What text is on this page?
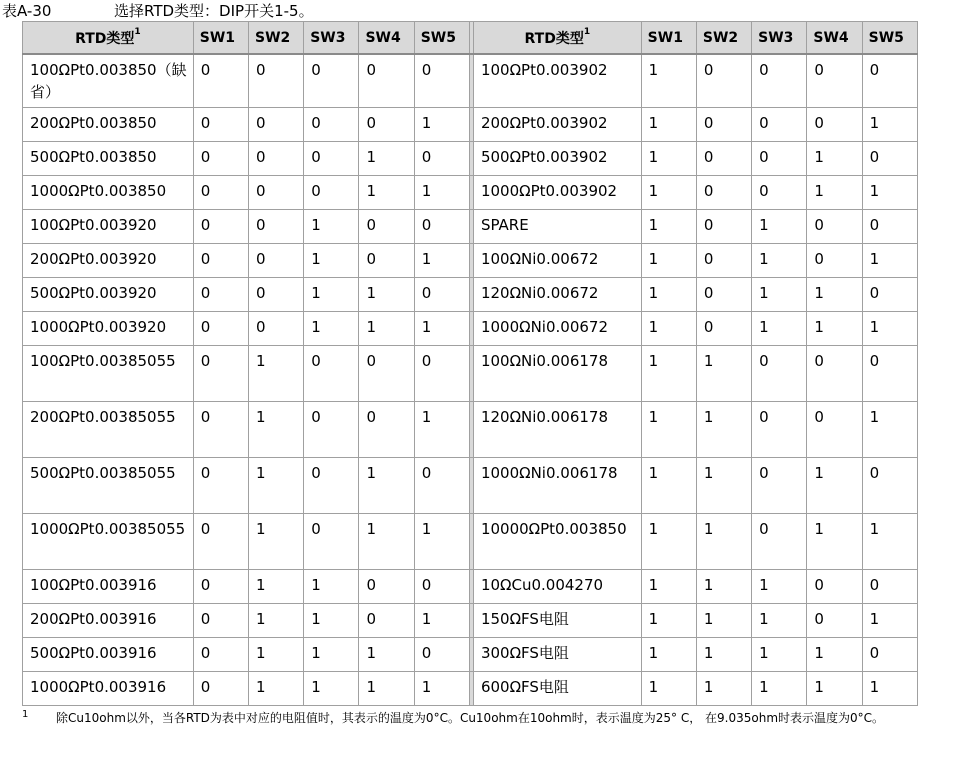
表A-30	选择RTD类型：DIP开关1-5。
RTD类型$^1$	SW1	SW2	SW3	SW4	SW5		RTD类型$^1$	SW1	SW2	SW3	SW4	SW5
100ΩPt0.003850（缺省）	0	0	0	0	0		100ΩPt0.003902	1	0	0	0	0
200ΩPt0.003850	0	0	0	0	1		200ΩPt0.003902	1	0	0	0	1
500ΩPt0.003850	0	0	0	1	0		500ΩPt0.003902	1	0	0	1	0
1000ΩPt0.003850	0	0	0	1	1		1000ΩPt0.003902	1	0	0	1	1
100ΩPt0.003920	0	0	1	0	0		SPARE	1	0	1	0	0
200ΩPt0.003920	0	0	1	0	1		100ΩNi0.00672	1	0	1	0	1
500ΩPt0.003920	0	0	1	1	0		120ΩNi0.00672	1	0	1	1	0
1000ΩPt0.003920	0	0	1	1	1		1000ΩNi0.00672	1	0	1	1	1
100ΩPt0.00385055	0	1	0	0	0		100ΩNi0.006178	1	1	0	0	0
200ΩPt0.00385055	0	1	0	0	1		120ΩNi0.006178	1	1	0	0	1
500ΩPt0.00385055	0	1	0	1	0		1000ΩNi0.006178	1	1	0	1	0
1000ΩPt0.00385055	0	1	0	1	1		10000ΩPt0.003850	1	1	0	1	1
100ΩPt0.003916	0	1	1	0	0		10ΩCu0.004270	1	1	1	0	0
200ΩPt0.003916	0	1	1	0	1		150ΩFS电阻	1	1	1	0	1
500ΩPt0.003916	0	1	1	1	0		300ΩFS电阻	1	1	1	1	0
1000ΩPt0.003916	0	1	1	1	1		600ΩFS电阻	1	1	1	1	1
1 除Cu10ohm以外，当各RTD为表中对应的电阻值时，其表示的温度为0°C。Cu10ohm在10ohm时，表示温度为25° C， 在9.035ohm时表示温度为0°C。
